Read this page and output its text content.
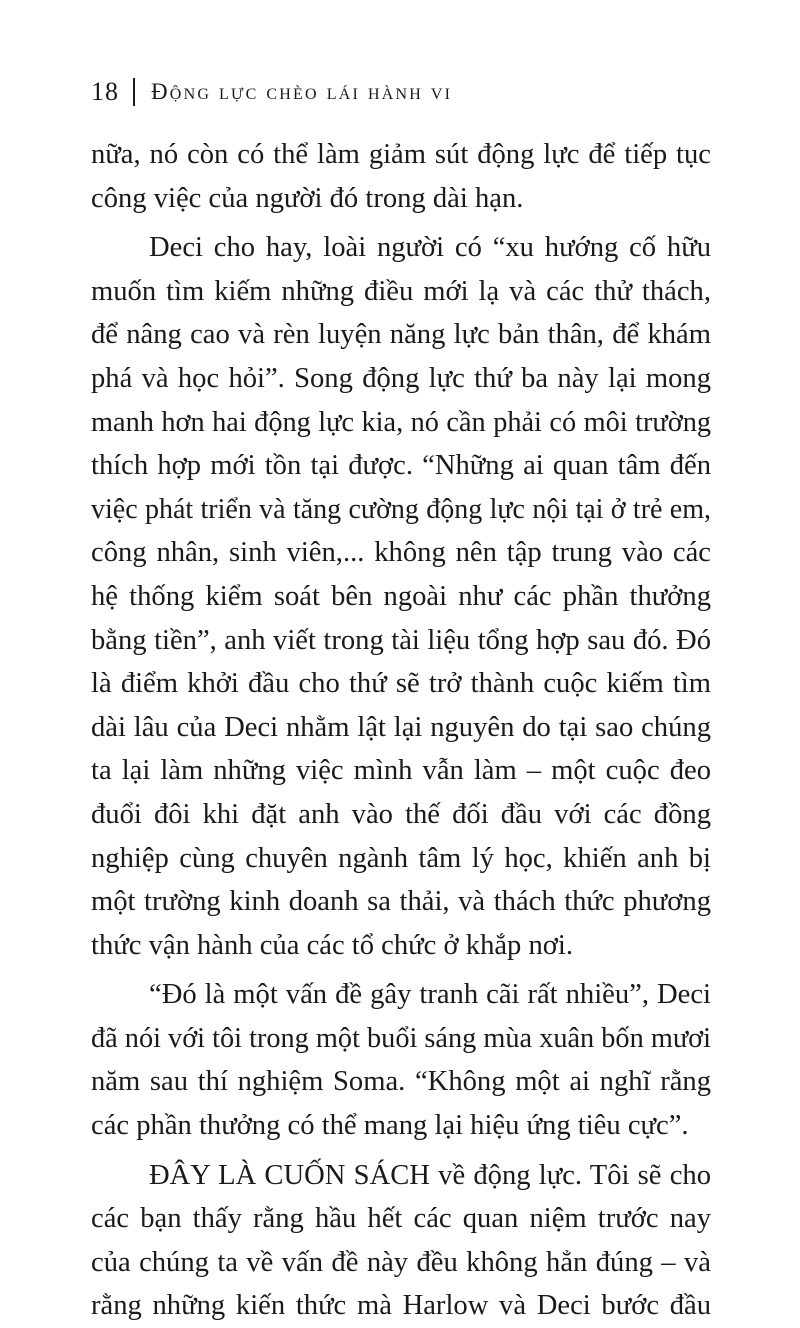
18 Động lực chèo lái hành vi
nữa, nó còn có thể làm giảm sút động lực để tiếp tục
công việc của người đó trong dài hạn.
Deci cho hay, loài người có “xu hướng cố hữu
muốn tìm kiếm những điều mới lạ và các thử thách,
để nâng cao và rèn luyện năng lực bản thân, để khám
phá và học hỏi”. Song động lực thứ ba này lại mong
manh hơn hai động lực kia, nó cần phải có môi trường
thích hợp mới tồn tại được. “Những ai quan tâm đến
việc phát triển và tăng cường động lực nội tại ở trẻ em,
công nhân, sinh viên,... không nên tập trung vào các
hệ thống kiểm soát bên ngoài như các phần thưởng
bằng tiền”, anh viết trong tài liệu tổng hợp sau đó. Đó
là điểm khởi đầu cho thứ sẽ trở thành cuộc kiếm tìm
dài lâu của Deci nhằm lật lại nguyên do tại sao chúng
ta lại làm những việc mình vẫn làm – một cuộc đeo
đuổi đôi khi đặt anh vào thế đối đầu với các đồng
nghiệp cùng chuyên ngành tâm lý học, khiến anh bị
một trường kinh doanh sa thải, và thách thức phương
thức vận hành của các tổ chức ở khắp nơi.
“Đó là một vấn đề gây tranh cãi rất nhiều”, Deci
đã nói với tôi trong một buổi sáng mùa xuân bốn mươi
năm sau thí nghiệm Soma. “Không một ai nghĩ rằng
các phần thưởng có thể mang lại hiệu ứng tiêu cực”.
ĐÂY LÀ CUỐN SÁCH về động lực. Tôi sẽ cho
các bạn thấy rằng hầu hết các quan niệm trước nay
của chúng ta về vấn đề này đều không hẳn đúng – và
rằng những kiến thức mà Harlow và Deci bước đầu
